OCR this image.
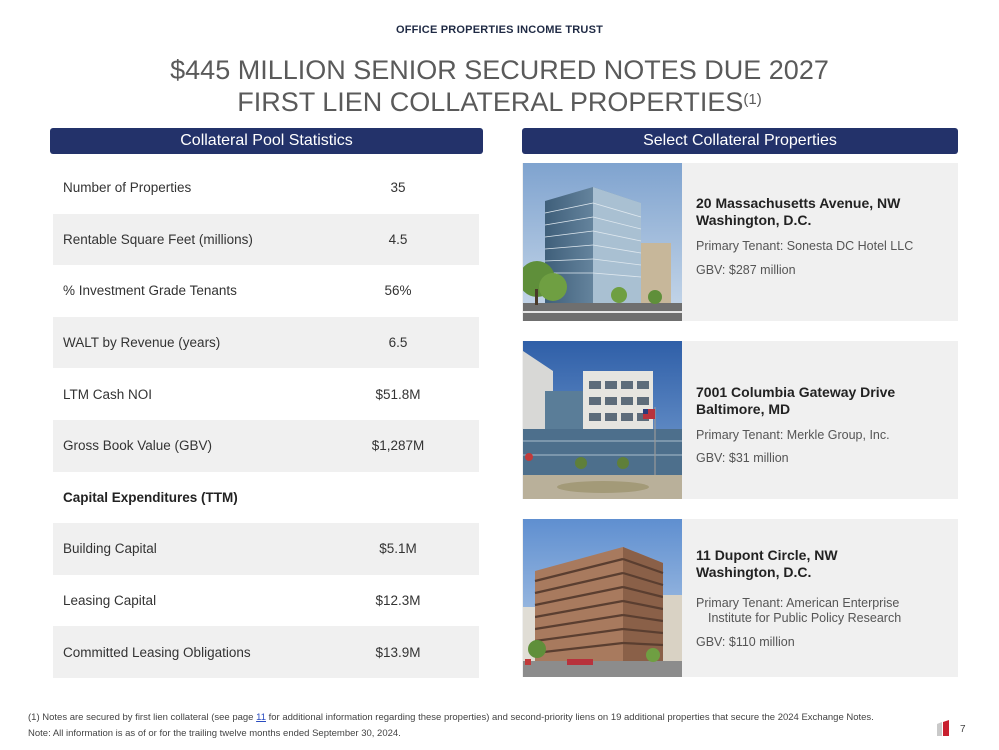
OFFICE PROPERTIES INCOME TRUST
$445 MILLION SENIOR SECURED NOTES DUE 2027
FIRST LIEN COLLATERAL PROPERTIES$^{(1)}$
Collateral Pool Statistics	Select Collateral Properties
Number of Properties	35
Rentable Square Feet (millions)	4.5
% Investment Grade Tenants	56%
WALT by Revenue (years)	6.5
LTM Cash NOI	$51.8M
Gross Book Value (GBV)	$1,287M
Capital Expenditures (TTM)
Building Capital	$5.1M
Leasing Capital	$12.3M
Committed Leasing Obligations	$13.9M
20 Massachusetts Avenue, NW
Washington, D.C.
Primary Tenant: Sonesta DC Hotel LLC
GBV: $287 million
7001 Columbia Gateway Drive
Baltimore, MD
Primary Tenant: Merkle Group, Inc.
GBV: $31 million
11 Dupont Circle, NW
Washington, D.C.
Primary Tenant: American Enterprise
Institute for Public Policy Research
GBV: $110 million
(1) Notes are secured by first lien collateral (see page 11 for additional information regarding these properties) and second-priority liens on 19 additional properties that secure the 2024 Exchange Notes.
Note: All information is as of or for the trailing twelve months ended September 30, 2024.	7
